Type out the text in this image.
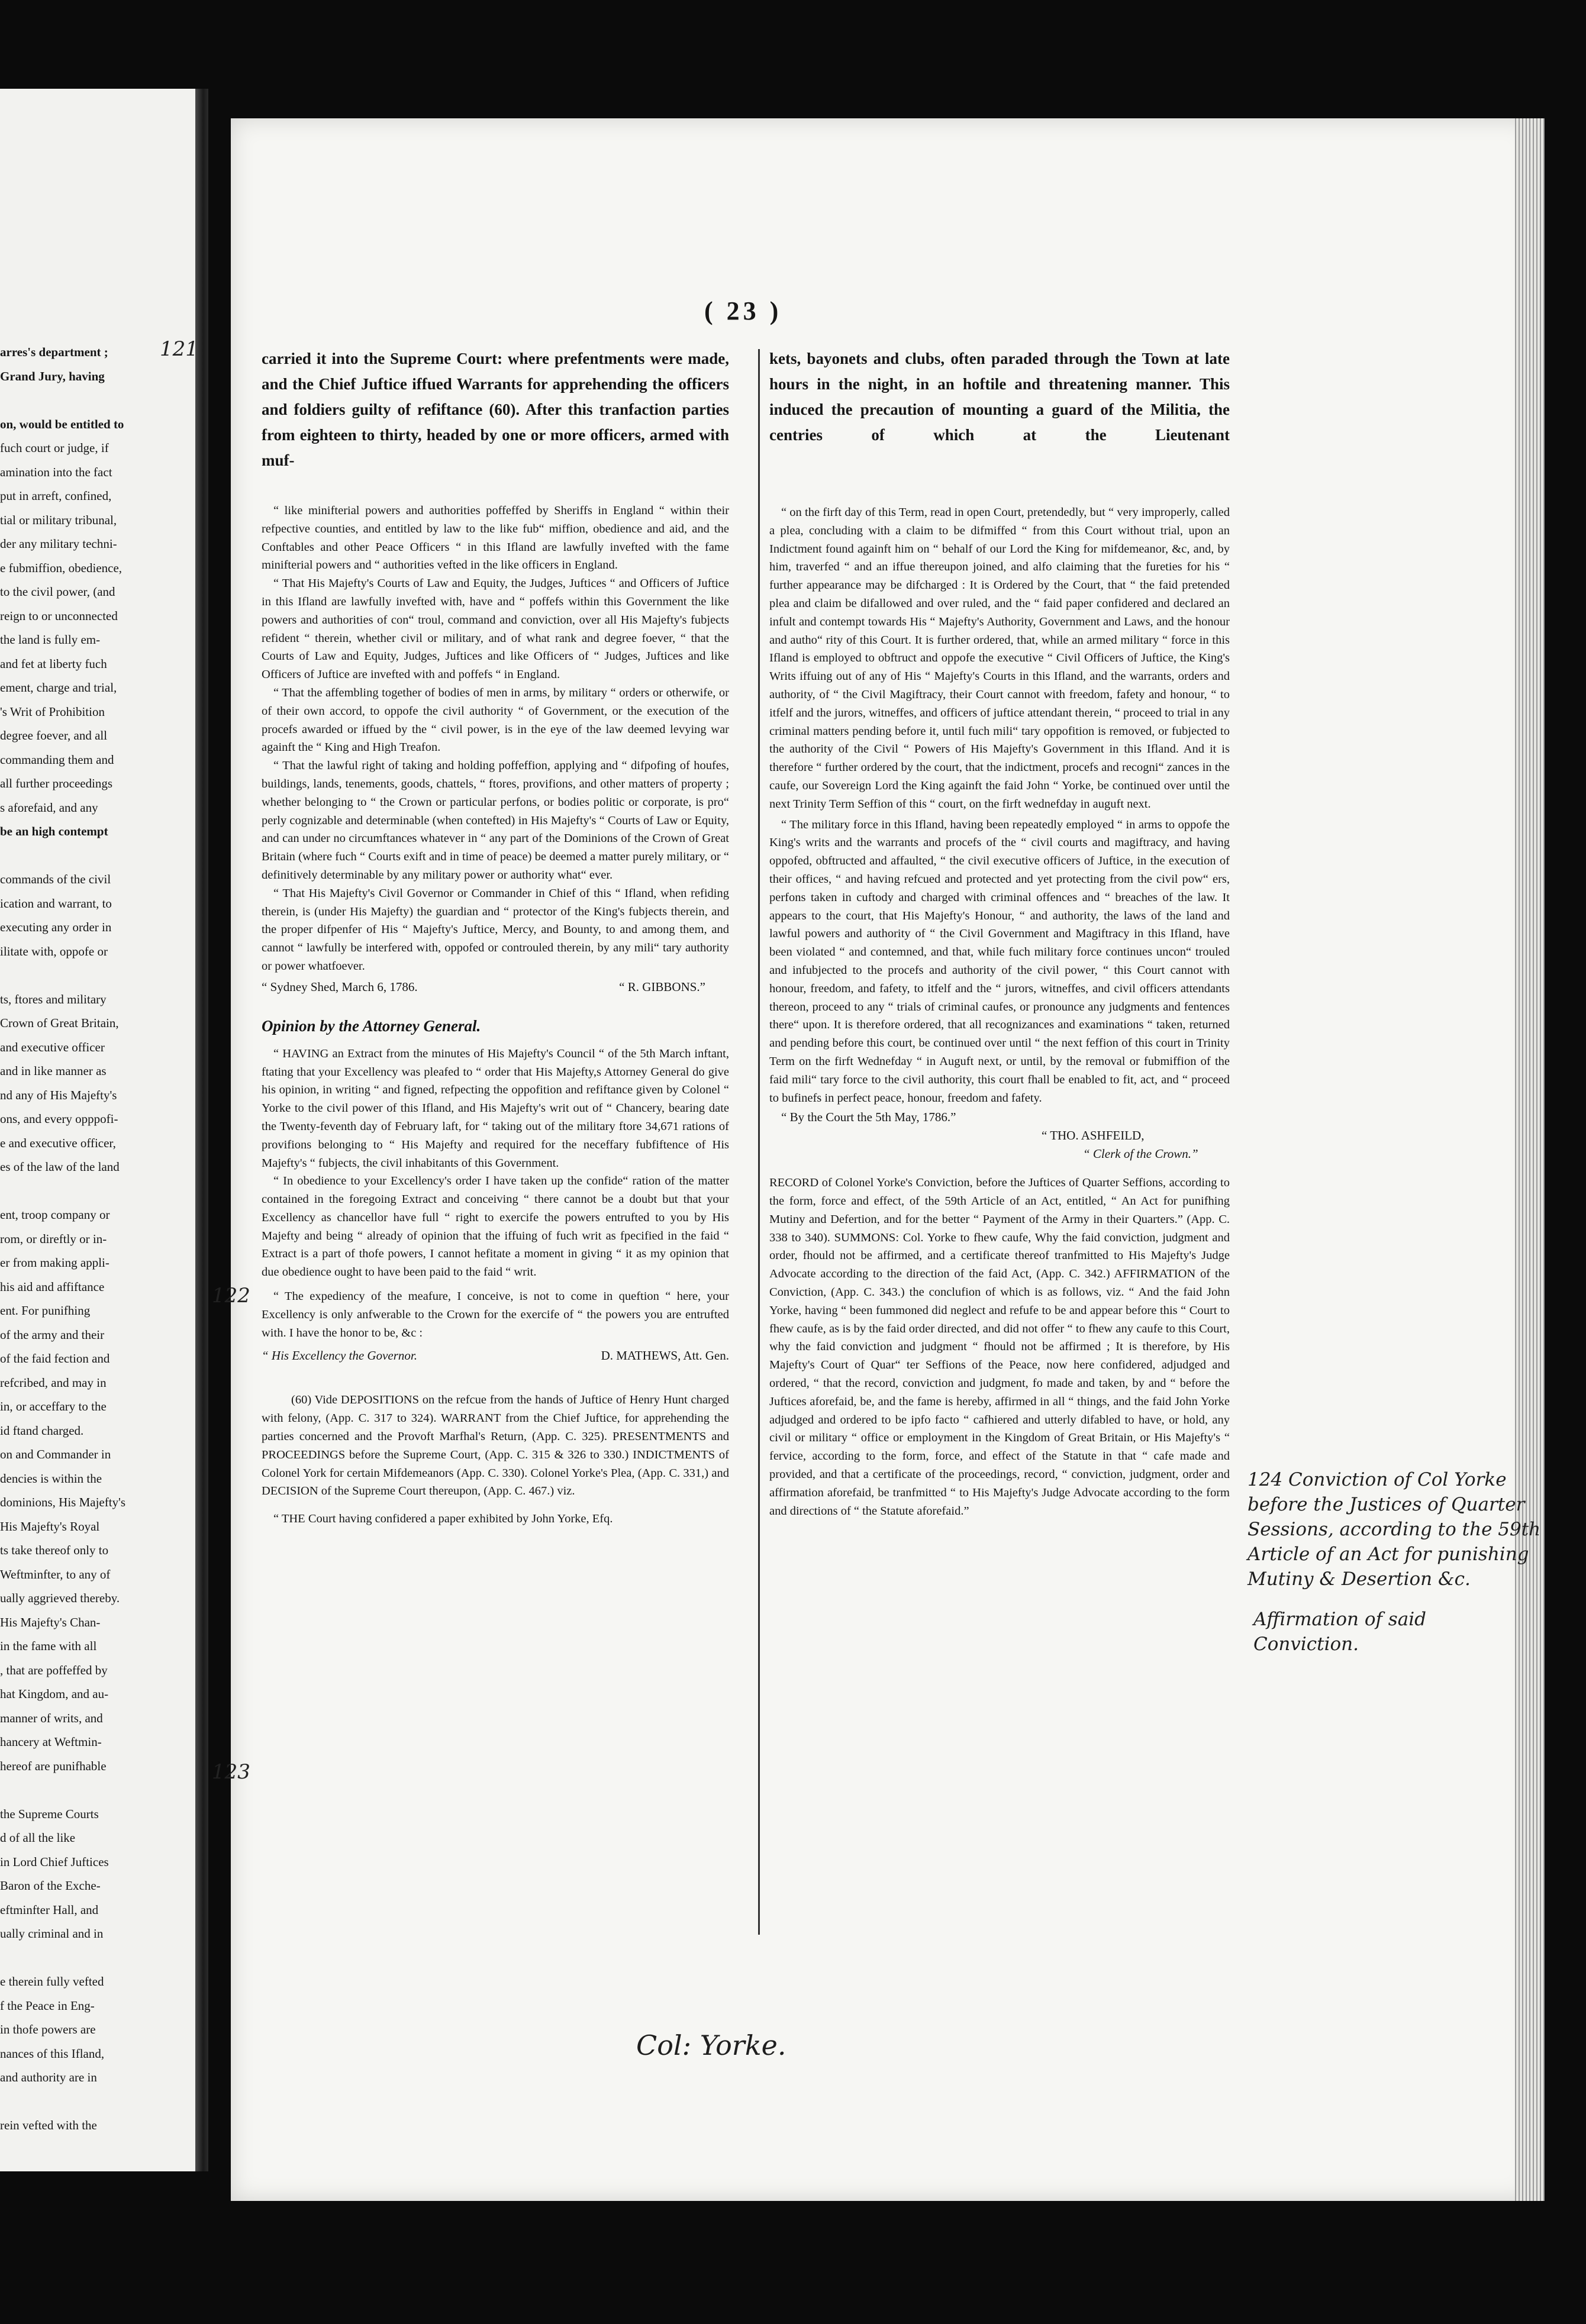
arres's department ;
Grand Jury, having
on, would be entitled to
fuch court or judge, if
amination into the fact
put in arreft, confined,
tial or military tribunal,
der any military techni-
e fubmiffion, obedience,
to the civil power, (and
reign to or unconnected
the land is fully em-
and fet at liberty fuch
ement, charge and trial,
's Writ of Prohibition
degree foever, and all
commanding them and
all further proceedings
s aforefaid, and any
be an high contempt
commands of the civil
ication and warrant, to
executing any order in
ilitate with, oppofe or
ts, ftores and military
Crown of Great Britain,
and executive officer
and in like manner as
nd any of His Majefty's
ons, and every opppofi-
e and executive officer,
es of the law of the land
ent, troop company or
rom, or direftly or in-
er from making appli-
his aid and affiftance
ent. For punifhing
of the army and their
of the faid fection and
refcribed, and may in
in, or acceffary to the
id ftand charged.
on and Commander in
dencies is within the
dominions, His Majefty's
His Majefty's Royal
ts take thereof only to
Weftminfter, to any of
ually aggrieved thereby.
His Majefty's Chan-
in the fame with all
, that are poffeffed by
hat Kingdom, and au-
manner of writs, and
hancery at Weftmin-
hereof are punifhable
the Supreme Courts
d of all the like
in Lord Chief Juftices
Baron of the Exche-
eftminfter Hall, and
ually criminal and in
e therein fully vefted
f the Peace in Eng-
in thofe powers are
nances of this Ifland,
and authority are in
rein vefted with the
( 23 )
121
122
123

carried it into the Supreme Court: where prefentments were made, and the Chief Juftice iffued Warrants for apprehending the officers and foldiers guilty of refiftance (60). After this tranfaction parties from eighteen to thirty, headed by one or more officers, armed with muf-

“ like minifterial powers and authorities poffeffed by Sheriffs in England “ within their refpective counties, and entitled by law to the like fub“ miffion, obedience and aid, and the Conftables and other Peace Officers “ in this Ifland are lawfully invefted with the fame minifterial powers and “ authorities vefted in the like officers in England.

“ That His Majefty's Courts of Law and Equity, the Judges, Juftices “ and Officers of Juftice in this Ifland are lawfully invefted with, have and “ poffefs within this Government the like powers and authorities of con“ troul, command and conviction, over all His Majefty's fubjects refident “ therein, whether civil or military, and of what rank and degree foever, “ that the Courts of Law and Equity, Judges, Juftices and like Officers of “ Judges, Juftices and like Officers of Juftice are invefted with and poffefs “ in England.

“ That the affembling together of bodies of men in arms, by military “ orders or otherwife, or of their own accord, to oppofe the civil authority “ of Government, or the execution of the procefs awarded or iffued by the “ civil power, is in the eye of the law deemed levying war againft the “ King and High Treafon.

“ That the lawful right of taking and holding poffeffion, applying and “ difpofing of houfes, buildings, lands, tenements, goods, chattels, “ ftores, provifions, and other matters of property ; whether belonging to “ the Crown or particular perfons, or bodies politic or corporate, is pro“ perly cognizable and determinable (when contefted) in His Majefty's “ Courts of Law or Equity, and can under no circumftances whatever in “ any part of the Dominions of the Crown of Great Britain (where fuch “ Courts exift and in time of peace) be deemed a matter purely military, or “ definitively determinable by any military power or authority what“ ever.

“ That His Majefty's Civil Governor or Commander in Chief of this “ Ifland, when refiding therein, is (under His Majefty) the guardian and “ protector of the King's fubjects therein, and the proper difpenfer of His “ Majefty's Juftice, Mercy, and Bounty, to and among them, and cannot “ lawfully be interfered with, oppofed or controuled therein, by any mili“ tary authority or power whatfoever.

“ Sydney Shed, March 6, 1786.	“ R. GIBBONS.”

Opinion by the Attorney General.

“ HAVING an Extract from the minutes of His Majefty's Council “ of the 5th March inftant, ftating that your Excellency was pleafed to “ order that His Majefty,s Attorney General do give his opinion, in writing “ and figned, refpecting the oppofition and refiftance given by Colonel “ Yorke to the civil power of this Ifland, and His Majefty's writ out of “ Chancery, bearing date the Twenty-feventh day of February laft, for “ taking out of the military ftore 34,671 rations of provifions belonging to “ His Majefty and required for the neceffary fubfiftence of His Majefty's “ fubjects, the civil inhabitants of this Government.

“ In obedience to your Excellency's order I have taken up the confide“ ration of the matter contained in the foregoing Extract and conceiving “ there cannot be a doubt but that your Excellency as chancellor have full “ right to exercife the powers entrufted to you by His Majefty and being “ already of opinion that the iffuing of fuch writ as fpecified in the faid “ Extract is a part of thofe powers, I cannot hefitate a moment in giving “ it as my opinion that due obedience ought to have been paid to the faid “ writ.

“ The expediency of the meafure, I conceive, is not to come in queftion “ here, your Excellency is only anfwerable to the Crown for the exercife of “ the powers you are entrufted with. I have the honor to be, &c :

“ His Excellency the Governor.	D. MATHEWS, Att. Gen.

(60) Vide DEPOSITIONS on the refcue from the hands of Juftice of Henry Hunt charged with felony, (App. C. 317 to 324). WARRANT from the Chief Juftice, for apprehending the parties concerned and the Provoft Marfhal's Return, (App. C. 325). PRESENTMENTS and PROCEEDINGS before the Supreme Court, (App. C. 315 & 326 to 330.) INDICTMENTS of Colonel York for certain Mifdemeanors (App. C. 330). Colonel Yorke's Plea, (App. C. 331,) and DECISION of the Supreme Court thereupon, (App. C. 467.) viz.

“ THE Court having confidered a paper exhibited by John Yorke, Efq.

kets, bayonets and clubs, often paraded through the Town at late hours in the night, in an hoftile and threatening manner. This induced the precaution of mounting a guard of the Militia, the centries of which at the Lieutenant

“ on the firft day of this Term, read in open Court, pretendedly, but “ very improperly, called a plea, concluding with a claim to be difmiffed “ from this Court without trial, upon an Indictment found againft him on “ behalf of our Lord the King for mifdemeanor, &c, and, by him, traverfed “ and an iffue thereupon joined, and alfo claiming that the fureties for his “ further appearance may be difcharged : It is Ordered by the Court, that “ the faid pretended plea and claim be difallowed and over ruled, and the “ faid paper confidered and declared an infult and contempt towards His “ Majefty's Authority, Government and Laws, and the honour and autho“ rity of this Court. It is further ordered, that, while an armed military “ force in this Ifland is employed to obftruct and oppofe the executive “ Civil Officers of Juftice, the King's Writs iffuing out of any of His “ Majefty's Courts in this Ifland, and the warrants, orders and authority, of “ the Civil Magiftracy, their Court cannot with freedom, fafety and honour, “ to itfelf and the jurors, witneffes, and officers of juftice attendant therein, “ proceed to trial in any criminal matters pending before it, until fuch mili“ tary oppofition is removed, or fubjected to the authority of the Civil “ Powers of His Majefty's Government in this Ifland. And it is therefore “ further ordered by the court, that the indictment, procefs and recogni“ zances in the caufe, our Sovereign Lord the King againft the faid John “ Yorke, be continued over until the next Trinity Term Seffion of this “ court, on the firft wednefday in auguft next.

“ The military force in this Ifland, having been repeatedly employed “ in arms to oppofe the King's writs and the warrants and procefs of the “ civil courts and magiftracy, and having oppofed, obftructed and affaulted, “ the civil executive officers of Juftice, in the execution of their offices, “ and having refcued and protected and yet protecting from the civil pow“ ers, perfons taken in cuftody and charged with criminal offences and “ breaches of the law. It appears to the court, that His Majefty's Honour, “ and authority, the laws of the land and lawful powers and authority of “ the Civil Government and Magiftracy in this Ifland, have been violated “ and contemned, and that, while fuch military force continues uncon“ trouled and infubjected to the procefs and authority of the civil power, “ this Court cannot with honour, freedom, and fafety, to itfelf and the “ jurors, witneffes, and civil officers attendants thereon, proceed to any “ trials of criminal caufes, or pronounce any judgments and fentences there“ upon. It is therefore ordered, that all recognizances and examinations “ taken, returned and pending before this court, be continued over until “ the next feffion of this court in Trinity Term on the firft Wednefday “ in Auguft next, or until, by the removal or fubmiffion of the faid mili“ tary force to the civil authority, this court fhall be enabled to fit, act, and “ proceed to bufinefs in perfect peace, honour, freedom and fafety.

“ By the Court the 5th May, 1786.”
“ THO. ASHFEILD,
“ Clerk of the Crown.”

RECORD of Colonel Yorke's Conviction, before the Juftices of Quarter Seffions, according to the form, force and effect, of the 59th Article of an Act, entitled, “ An Act for punifhing Mutiny and Defertion, and for the better “ Payment of the Army in their Quarters.” (App. C. 338 to 340). SUMMONS: Col. Yorke to fhew caufe, Why the faid conviction, judgment and order, fhould not be affirmed, and a certificate thereof tranfmitted to His Majefty's Judge Advocate according to the direction of the faid Act, (App. C. 342.) AFFIRMATION of the Conviction, (App. C. 343.) the conclufion of which is as follows, viz. “ And the faid John Yorke, having “ been fummoned did neglect and refufe to be and appear before this “ Court to fhew caufe, as is by the faid order directed, and did not offer “ to fhew any caufe to this Court, why the faid conviction and judgment “ fhould not be affirmed ; It is therefore, by His Majefty's Court of Quar“ ter Seffions of the Peace, now here confidered, adjudged and ordered, “ that the record, conviction and judgment, fo made and taken, by and “ before the Juftices aforefaid, be, and the fame is hereby, affirmed in all “ things, and the faid John Yorke adjudged and ordered to be ipfo facto “ cafhiered and utterly difabled to have, or hold, any civil or military “ office or employment in the Kingdom of Great Britain, or His Majefty's “ fervice, according to the form, force, and effect of the Statute in that “ cafe made and provided, and that a certificate of the proceedings, record, “ conviction, judgment, order and affirmation aforefaid, be tranfmitted “ to His Majefty's Judge Advocate according to the form and directions of “ the Statute aforefaid.”

124 Conviction of Col Yorke
before the Justices of Quarter
Sessions, according to the 59th
Article of an Act for punishing
Mutiny & Desertion &c.
Affirmation of said
Conviction.
Col: Yorke.
